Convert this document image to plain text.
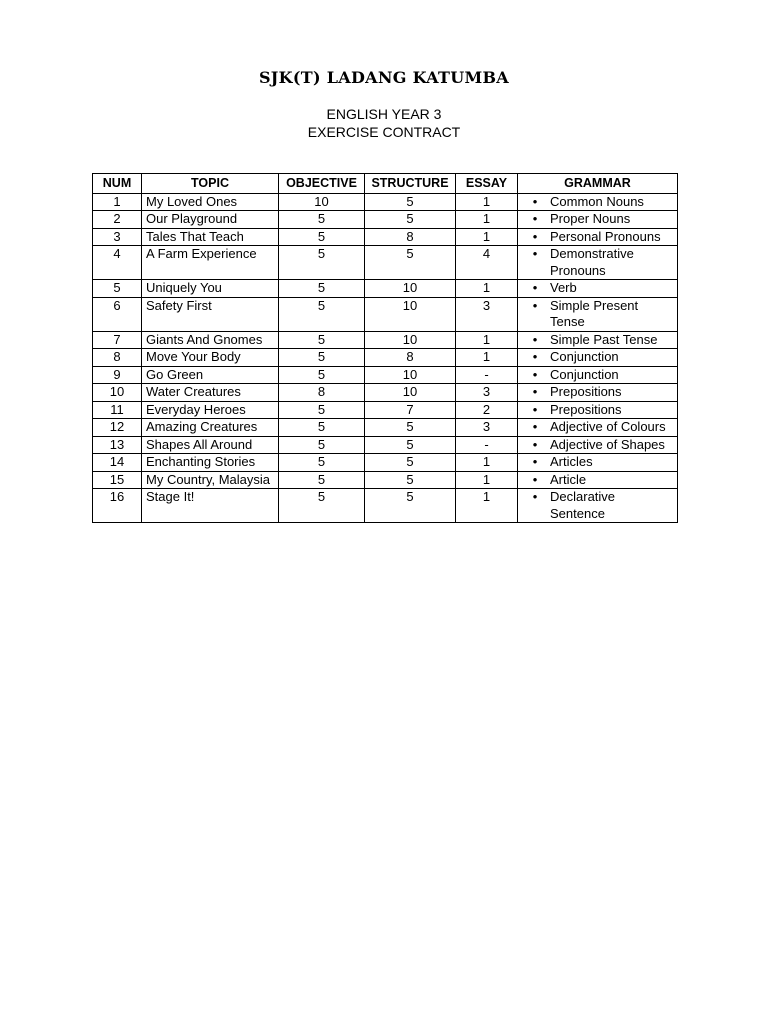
SJK(T) LADANG KATUMBA
ENGLISH YEAR 3
EXERCISE CONTRACT
NUM	TOPIC	OBJECTIVE	STRUCTURE	ESSAY	GRAMMAR
1	My Loved Ones	10	5	1	• Common Nouns

2	Our Playground	5	5	1	• Proper Nouns

3	Tales That Teach	5	8	1	• Personal Pronouns

4	A Farm Experience	5	5	4	• Demonstrative Pronouns

5	Uniquely You	5	10	1	• Verb

6	Safety First	5	10	3	• Simple Present Tense

7	Giants And Gnomes	5	10	1	• Simple Past Tense

8	Move Your Body	5	8	1	• Conjunction

9	Go Green	5	10	-	• Conjunction

10	Water Creatures	8	10	3	• Prepositions

11	Everyday Heroes	5	7	2	• Prepositions

12	Amazing Creatures	5	5	3	• Adjective of Colours

13	Shapes All Around	5	5	-	• Adjective of Shapes

14	Enchanting Stories	5	5	1	• Articles

15	My Country, Malaysia	5	5	1	• Article

16	Stage It!	5	5	1	• Declarative Sentence
